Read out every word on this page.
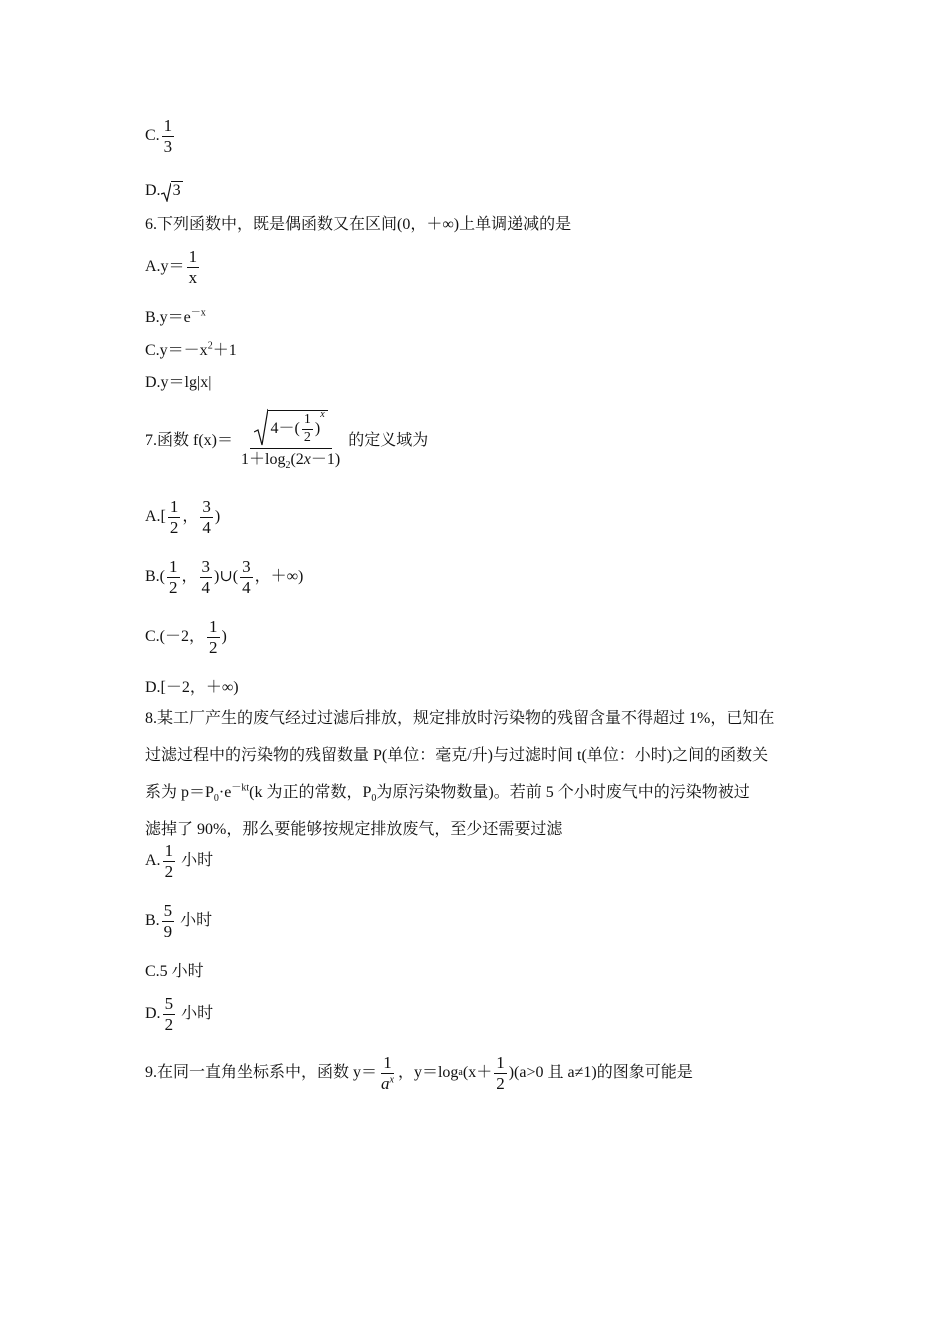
C. $\frac{1}{3}$
D. 3
6.下列函数中，既是偶函数又在区间(0，＋∞)上单调递减的是
$A.y= \frac{1}{x}$
$B.y=e^{-x}$
$C.y=-x^2+1$
D.y＝lg|x|
7.函数 $f(x)= 4-( \frac{1}{2}$ )
x
$1+\log_2(2x-1)$ 的定义域为
$A.[ \frac{1}{2}$ ， $\frac{3}{4}$ )
$B.( \frac{1}{2}$ ， $\frac{3}{4}$ )∪( $\frac{3}{4}$ ，＋∞)
C.(－2， $\frac{1}{2}$ )
D.[－2，＋∞)
8.某工厂产生的废气经过过滤后排放，规定排放时污染物的残留含量不得超过 1%，已知在
过滤过程中的污染物的残留数量 P(单位：毫克/升)与过滤时间 t(单位：小时)之间的函数关
系为 $p=P_0\cdot e^{-kt}(k$ 为正的常数，$P_0$为原污染物数量)。若前 5 个小时废气中的污染物被过
滤掉了 90%，那么要能够按规定排放废气，至少还需要过滤
A. $\frac{1}{2}$ 小时
B. $\frac{5}{9}$ 小时
C.5 小时
D. $\frac{5}{2}$ 小时
9.在同一直角坐标系中，函数 $y= \frac{1}{a^x}$ ，y＝log a $(x+ \frac{1}{2} )(a>0$ 且 a≠1)的图象可能是
